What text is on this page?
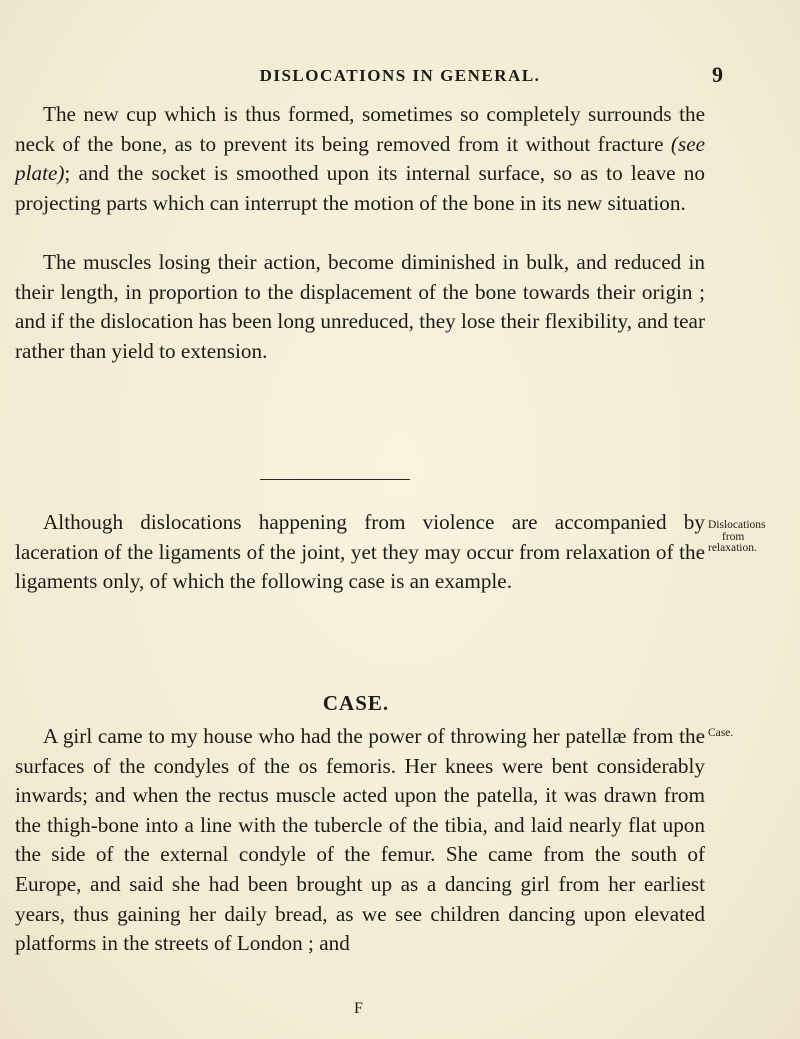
DISLOCATIONS IN GENERAL.	9

The new cup which is thus formed, sometimes so completely surrounds the neck of the bone, as to prevent its being removed from it without fracture (see plate); and the socket is smoothed upon its internal surface, so as to leave no projecting parts which can interrupt the motion of the bone in its new situation.

The muscles losing their action, become diminished in bulk, and reduced in their length, in proportion to the displacement of the bone towards their origin ; and if the dislocation has been long unreduced, they lose their flexibility, and tear rather than yield to extension.

Although dislocations happening from violence are accompanied by laceration of the ligaments of the joint, yet they may occur from relaxation of the ligaments only, of which the following case is an example.

Dislocations
from
relaxation.
CASE.

A girl came to my house who had the power of throwing her patellæ from the surfaces of the condyles of the os femoris. Her knees were bent considerably inwards; and when the rectus muscle acted upon the patella, it was drawn from the thigh-bone into a line with the tubercle of the tibia, and laid nearly flat upon the side of the external condyle of the femur. She came from the south of Europe, and said she had been brought up as a dancing girl from her earliest years, thus gaining her daily bread, as we see children dancing upon elevated platforms in the streets of London ; and

Case.
F
